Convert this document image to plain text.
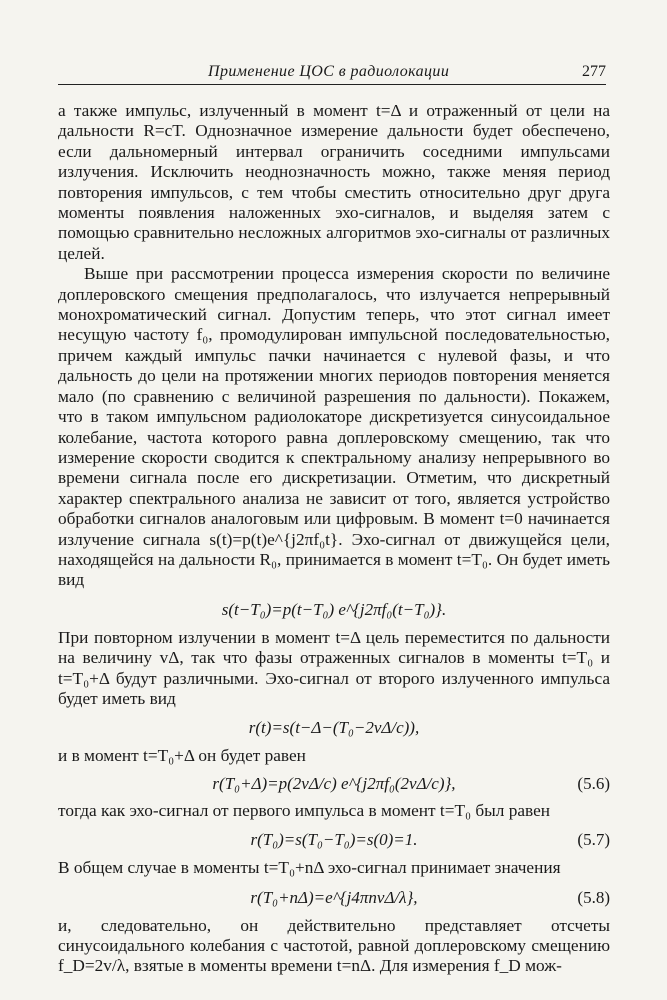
Применение ЦОС в радиолокации	277

а также импульс, излученный в момент t=Δ и отраженный от цели на дальности R=cT. Однозначное измерение дальности будет обеспечено, если дальномерный интервал ограничить соседними импульсами излучения. Исключить неоднозначность можно, также меняя период повторения импульсов, с тем чтобы сместить относительно друг друга моменты появления наложенных эхо-сигналов, и выделяя затем с помощью сравнительно несложных алгоритмов эхо-сигналы от различных целей.

Выше при рассмотрении процесса измерения скорости по величине доплеровского смещения предполагалось, что излучается непрерывный монохроматический сигнал. Допустим теперь, что этот сигнал имеет несущую частоту f₀, промодулирован импульсной последовательностью, причем каждый импульс пачки начинается с нулевой фазы, и что дальность до цели на протяжении многих периодов повторения меняется мало (по сравнению с величиной разрешения по дальности). Покажем, что в таком импульсном радиолокаторе дискретизуется синусоидальное колебание, частота которого равна доплеровскому смещению, так что измерение скорости сводится к спектральному анализу непрерывного во времени сигнала после его дискретизации. Отметим, что дискретный характер спектрального анализа не зависит от того, является устройство обработки сигналов аналоговым или цифровым. В момент t=0 начинается излучение сигнала s(t)=p(t)e^{j2πf₀t}. Эхо-сигнал от движущейся цели, находящейся на дальности R₀, принимается в момент t=T₀. Он будет иметь вид

s(t−T₀)=p(t−T₀) e^{j2πf₀(t−T₀)}.

При повторном излучении в момент t=Δ цель переместится по дальности на величину vΔ, так что фазы отраженных сигналов в моменты t=T₀ и t=T₀+Δ будут различными. Эхо-сигнал от второго излученного импульса будет иметь вид

r(t)=s(t−Δ−(T₀−2vΔ/c)),

и в момент t=T₀+Δ он будет равен

r(T₀+Δ)=p(2vΔ/c) e^{j2πf₀(2vΔ/c)},	(5.6)

тогда как эхо-сигнал от первого импульса в момент t=T₀ был равен

r(T₀)=s(T₀−T₀)=s(0)=1.	(5.7)

В общем случае в моменты t=T₀+nΔ эхо-сигнал принимает значения

r(T₀+nΔ)=e^{j4πnvΔ/λ},	(5.8)

и, следовательно, он действительно представляет отсчеты синусоидального колебания с частотой, равной доплеровскому смещению f_D=2v/λ, взятые в моменты времени t=nΔ. Для измерения f_D мож-
